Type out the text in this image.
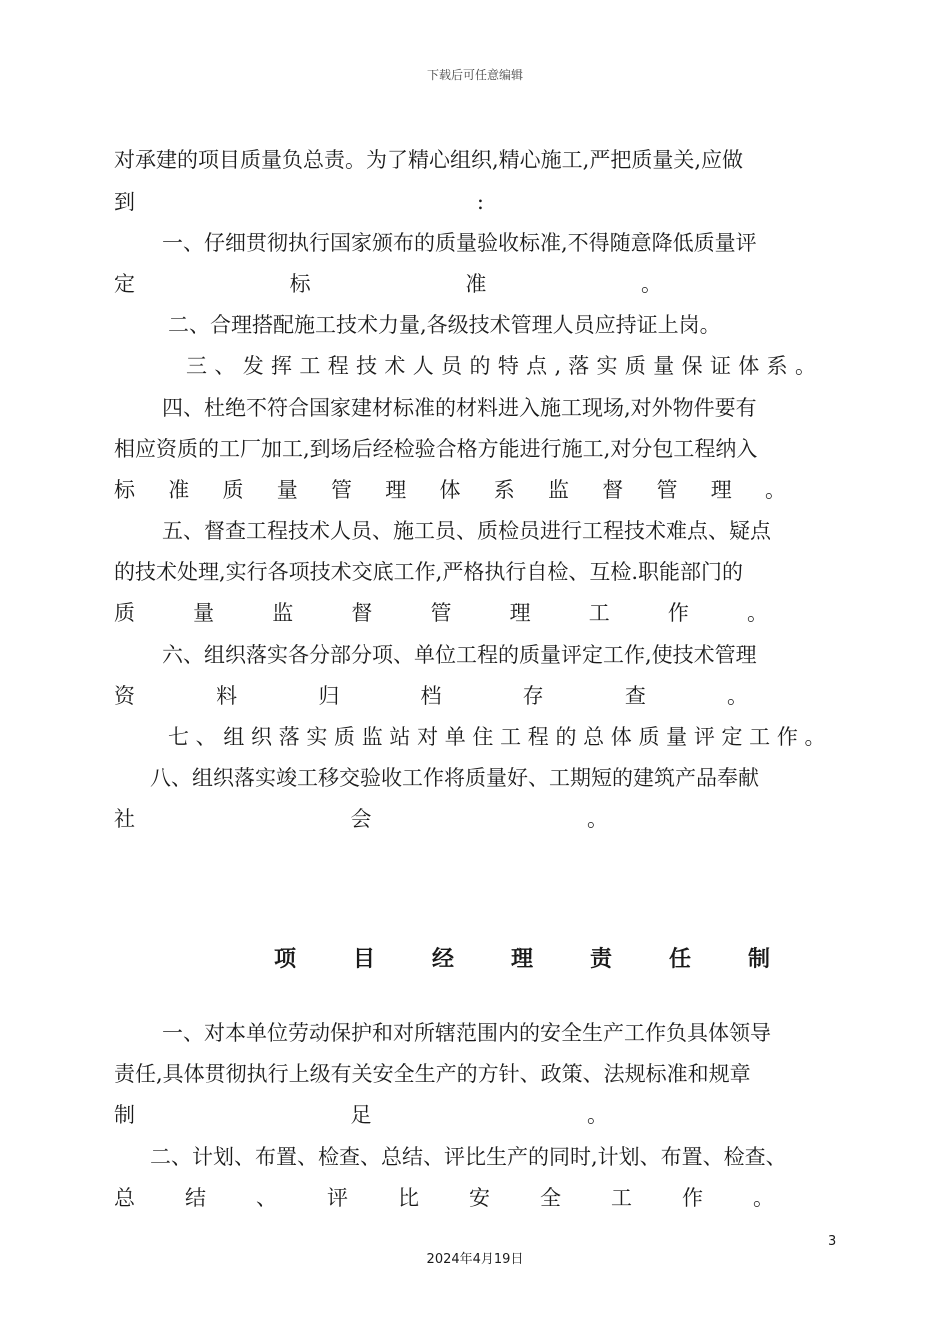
下载后可任意编辑
对承建的项目质量负总责。为了精心组织,精心施工,严把质量关,应做
到 :
一、仔细贯彻执行国家颁布的质量验收标准,不得随意降低质量评
定 标 准 。
二、合理搭配施工技术力量,各级技术管理人员应持证上岗。
三 、 发 挥 工 程 技 术 人 员 的 特 点 , 落 实 质 量 保 证 体 系 。
四、杜绝不符合国家建材标准的材料进入施工现场,对外物件要有
相应资质的工厂加工,到场后经检验合格方能进行施工,对分包工程纳入
标 准 质 量 管 理 体 系 监 督 管 理 。
五、督查工程技术人员、施工员、质检员进行工程技术难点、疑点
的技术处理,实行各项技术交底工作,严格执行自检、互检.职能部门的
质 量 监 督 管 理 工 作 。
六、组织落实各分部分项、单位工程的质量评定工作,使技术管理
资 料 归 档 存 查 。
七 、 组 织 落 实 质 监 站 对 单 住 工 程 的 总 体 质 量 评 定 工 作 。
八、组织落实竣工移交验收工作将质量好、工期短的建筑产品奉献
社 会 。
项 目 经 理 责 任 制
一、对本单位劳动保护和对所辖范围内的安全生产工作负具体领导
责任,具体贯彻执行上级有关安全生产的方针、政策、法规标准和规章
制 足 。
二、计划、布置、检查、总结、评比生产的同时,计划、布置、检查、
总 结 、 评 比 安 全 工 作 。
3
2024年4月19日
